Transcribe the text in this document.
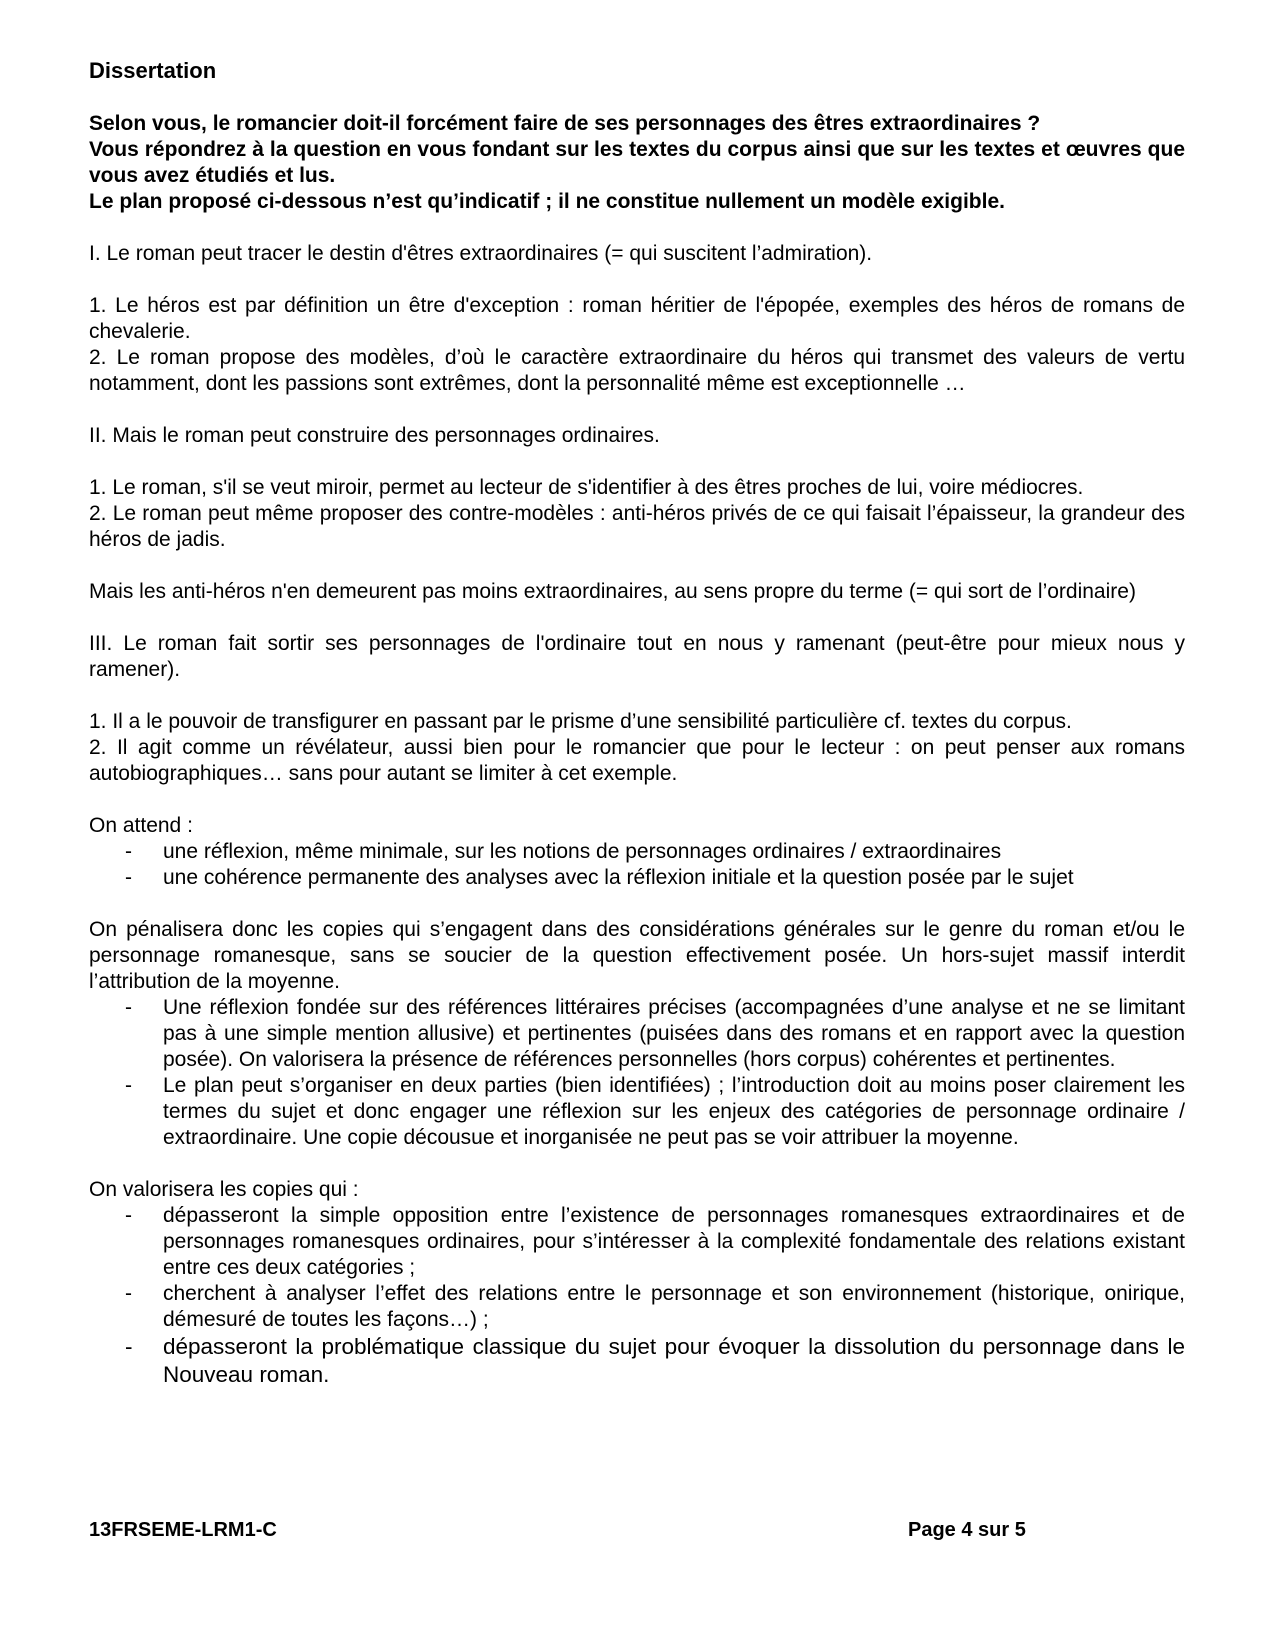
Dissertation

Selon vous, le romancier doit-il forcément faire de ses personnages des êtres extraordinaires ?

Vous répondrez à la question en vous fondant sur les textes du corpus ainsi que sur les textes et œuvres que vous avez étudiés et lus.

Le plan proposé ci-dessous n’est qu’indicatif ; il ne constitue nullement un modèle exigible.

I. Le roman peut tracer le destin d'êtres extraordinaires (= qui suscitent l’admiration).

1. Le héros est par définition un être d'exception : roman héritier de l'épopée, exemples des héros de romans de chevalerie.

2. Le roman propose des modèles, d’où le caractère extraordinaire du héros qui transmet des valeurs de vertu notamment, dont les passions sont extrêmes, dont la personnalité même est exceptionnelle …

II. Mais le roman peut construire des personnages ordinaires.

1. Le roman, s'il se veut miroir, permet au lecteur de s'identifier à des êtres proches de lui, voire médiocres.

2. Le roman peut même proposer des contre-modèles : anti-héros privés de ce qui faisait l’épaisseur, la grandeur des héros de jadis.

Mais les anti-héros n'en demeurent pas moins extraordinaires, au sens propre du terme (= qui sort de l’ordinaire)

III. Le roman fait sortir ses personnages de l'ordinaire tout en nous y ramenant (peut-être pour mieux nous y ramener).

1. Il a le pouvoir de transfigurer en passant par le prisme d’une sensibilité particulière cf. textes du corpus.

2. Il agit comme un révélateur, aussi bien pour le romancier que pour le lecteur : on peut penser aux romans autobiographiques… sans pour autant se limiter à cet exemple.

On attend :

- une réflexion, même minimale, sur les notions de personnages ordinaires / extraordinaires
- une cohérence permanente des analyses avec la réflexion initiale et la question posée par le sujet

On pénalisera donc les copies qui s’engagent dans des considérations générales sur le genre du roman et/ou le personnage romanesque, sans se soucier de la question effectivement posée. Un hors-sujet massif interdit l’attribution de la moyenne.

- Une réflexion fondée sur des références littéraires précises (accompagnées d’une analyse et ne se limitant pas à une simple mention allusive) et pertinentes (puisées dans des romans et en rapport avec la question posée). On valorisera la présence de références personnelles (hors corpus) cohérentes et pertinentes.
- Le plan peut s’organiser en deux parties (bien identifiées) ; l’introduction doit au moins poser clairement les termes du sujet et donc engager une réflexion sur les enjeux des catégories de personnage ordinaire / extraordinaire. Une copie décousue et inorganisée ne peut pas se voir attribuer la moyenne.

On valorisera les copies qui :

- dépasseront la simple opposition entre l’existence de personnages romanesques extraordinaires et de personnages romanesques ordinaires, pour s’intéresser à la complexité fondamentale des relations existant entre ces deux catégories ;
- cherchent à analyser l’effet des relations entre le personnage et son environnement (historique, onirique, démesuré de toutes les façons…) ;
- dépasseront la problématique classique du sujet pour évoquer la dissolution du personnage dans le Nouveau roman.
13FRSEME-LRM1-C	Page 4 sur 5
